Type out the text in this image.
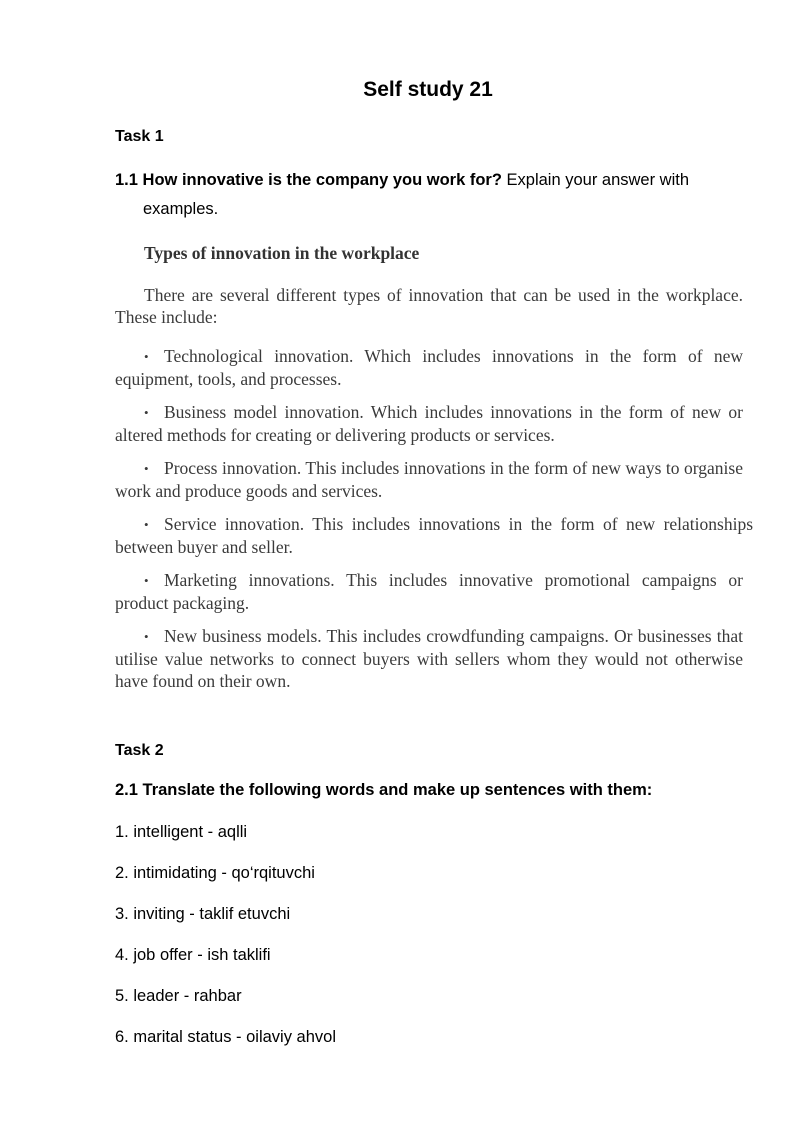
Self study 21
Task 1
1.1 How innovative is the company you work for? Explain your answer with
examples.
Types of innovation in the workplace
There are several different types of innovation that can be used in the workplace. These include:
• Technological innovation. Which includes innovations in the form of new equipment, tools, and processes.
• Business model innovation. Which includes innovations in the form of new or altered methods for creating or delivering products or services.
• Process innovation. This includes innovations in the form of new ways to organise work and produce goods and services.
• Service innovation. This includes innovations in the form of new relationships between buyer and seller.
• Marketing innovations. This includes innovative promotional campaigns or product packaging.
• New business models. This includes crowdfunding campaigns. Or businesses that utilise value networks to connect buyers with sellers whom they would not otherwise have found on their own.
Task 2
2.1 Translate the following words and make up sentences with them:
1. intelligent - aqlli
2. intimidating - qo‘rqituvchi
3. inviting - taklif etuvchi
4. job offer - ish taklifi
5. leader - rahbar
6. marital status - oilaviy ahvol
